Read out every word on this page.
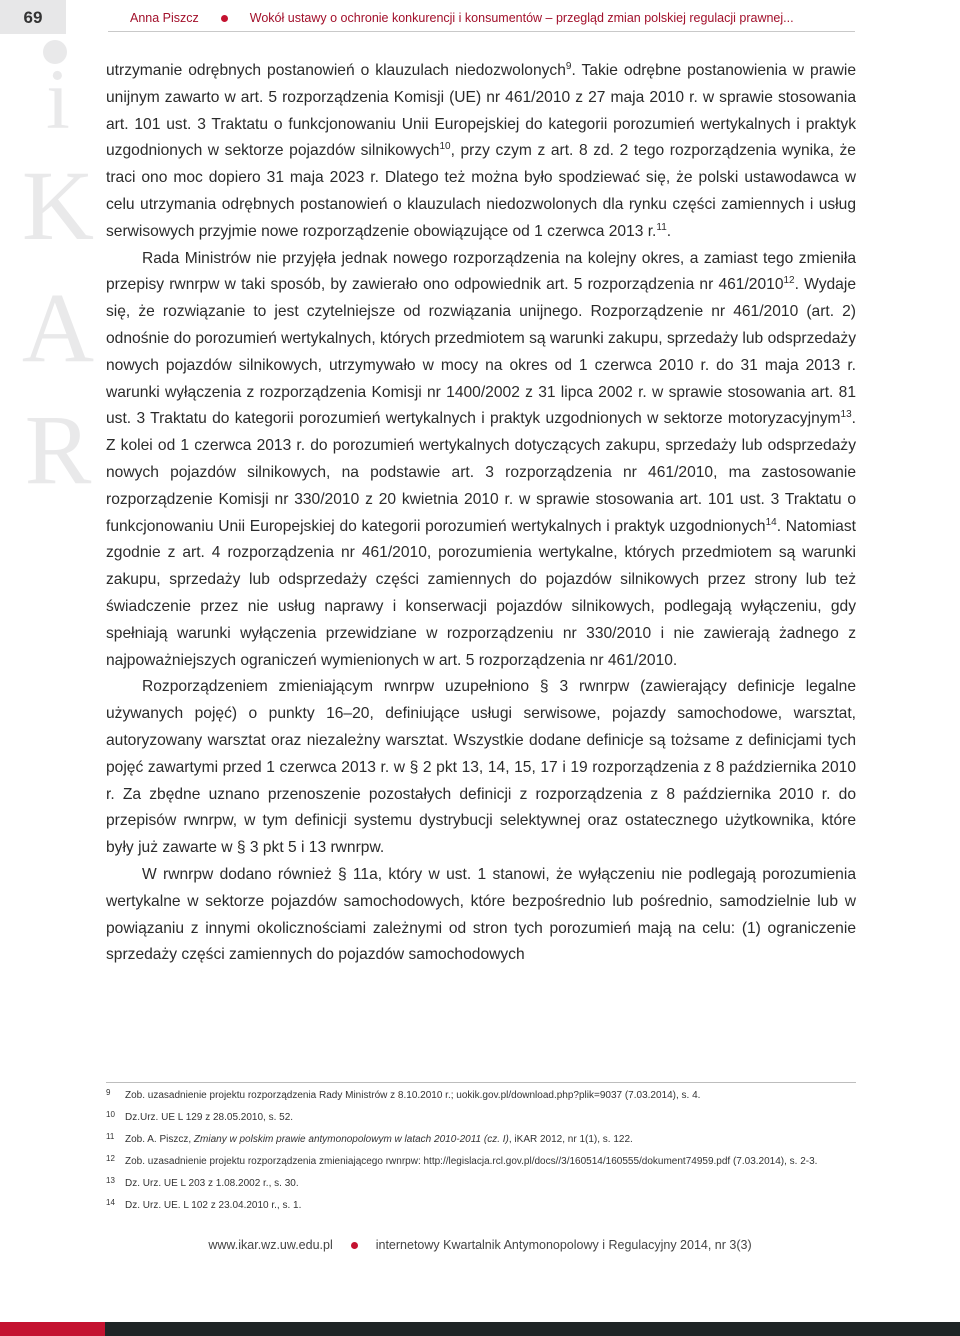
69	Anna Piszcz	Wokół ustawy o ochronie konkurencji i konsumentów – przegląd zmian polskiej regulacji prawnej...
i
K
A
R

utrzymanie odrębnych postanowień o klauzulach niedozwolonych$^9$. Takie odrębne postanowienia w prawie unijnym zawarto w art. 5 rozporządzenia Komisji (UE) nr 461/2010 z 27 maja 2010 r. w sprawie stosowania art. 101 ust. 3 Traktatu o funkcjonowaniu Unii Europejskiej do kategorii porozumień wertykalnych i praktyk uzgodnionych w sektorze pojazdów silnikowych$^{10}$, przy czym z art. 8 zd. 2 tego rozporządzenia wynika, że traci ono moc dopiero 31 maja 2023 r. Dlatego też można było spodziewać się, że polski ustawodawca w celu utrzymania odrębnych postanowień o klauzulach niedozwolonych dla rynku części zamiennych i usług serwisowych przyjmie nowe rozporządzenie obowiązujące od 1 czerwca 2013 r.$^{11}$.

Rada Ministrów nie przyjęła jednak nowego rozporządzenia na kolejny okres, a zamiast tego zmieniła przepisy rwnrpw w taki sposób, by zawierało ono odpowiednik art. 5 rozporządzenia nr 461/2010$^{12}$. Wydaje się, że rozwiązanie to jest czytelniejsze od rozwiązania unijnego. Rozporządzenie nr 461/2010 (art. 2) odnośnie do porozumień wertykalnych, których przedmiotem są warunki zakupu, sprzedaży lub odsprzedaży nowych pojazdów silnikowych, utrzymywało w mocy na okres od 1 czerwca 2010 r. do 31 maja 2013 r. warunki wyłączenia z rozporządzenia Komisji nr 1400/2002 z 31 lipca 2002 r. w sprawie stosowania art. 81 ust. 3 Traktatu do kategorii porozumień wertykalnych i praktyk uzgodnionych w sektorze motoryzacyjnym$^{13}$. Z kolei od 1 czerwca 2013 r. do porozumień wertykalnych dotyczących zakupu, sprzedaży lub odsprzedaży nowych pojazdów silnikowych, na podstawie art. 3 rozporządzenia nr 461/2010, ma zastosowanie rozporządzenie Komisji nr 330/2010 z 20 kwietnia 2010 r. w sprawie stosowania art. 101 ust. 3 Traktatu o funkcjonowaniu Unii Europejskiej do kategorii porozumień wertykalnych i praktyk uzgodnionych$^{14}$. Natomiast zgodnie z art. 4 rozporządzenia nr 461/2010, porozumienia wertykalne, których przedmiotem są warunki zakupu, sprzedaży lub odsprzedaży części zamiennych do pojazdów silnikowych przez strony lub też świadczenie przez nie usług naprawy i konserwacji pojazdów silnikowych, podlegają wyłączeniu, gdy spełniają warunki wyłączenia przewidziane w rozporządzeniu nr 330/2010 i nie zawierają żadnego z najpoważniejszych ograniczeń wymienionych w art. 5 rozporządzenia nr 461/2010.

Rozporządzeniem zmieniającym rwnrpw uzupełniono § 3 rwnrpw (zawierający definicje legalne używanych pojęć) o punkty 16–20, definiujące usługi serwisowe, pojazdy samochodowe, warsztat, autoryzowany warsztat oraz niezależny warsztat. Wszystkie dodane definicje są tożsame z definicjami tych pojęć zawartymi przed 1 czerwca 2013 r. w § 2 pkt 13, 14, 15, 17 i 19 rozporządzenia z 8 października 2010 r. Za zbędne uznano przenoszenie pozostałych definicji z rozporządzenia z 8 października 2010 r. do przepisów rwnrpw, w tym definicji systemu dystrybucji selektywnej oraz ostatecznego użytkownika, które były już zawarte w § 3 pkt 5 i 13 rwnrpw.

W rwnrpw dodano również § 11a, który w ust. 1 stanowi, że wyłączeniu nie podlegają porozumienia wertykalne w sektorze pojazdów samochodowych, które bezpośrednio lub pośrednio, samodzielnie lub w powiązaniu z innymi okolicznościami zależnymi od stron tych porozumień mają na celu: (1) ograniczenie sprzedaży części zamiennych do pojazdów samochodowych

9 Zob. uzasadnienie projektu rozporządzenia Rady Ministrów z 8.10.2010 r.; uokik.gov.pl/download.php?plik=9037 (7.03.2014), s. 4.
10 Dz.Urz. UE L 129 z 28.05.2010, s. 52.
11 Zob. A. Piszcz, Zmiany w polskim prawie antymonopolowym w latach 2010-2011 (cz. I), iKAR 2012, nr 1(1), s. 122.
12 Zob. uzasadnienie projektu rozporządzenia zmieniającego rwnrpw: http://legislacja.rcl.gov.pl/docs//3/160514/160555/dokument74959.pdf (7.03.2014), s. 2-3.
13 Dz. Urz. UE L 203 z 1.08.2002 r., s. 30.
14 Dz. Urz. UE. L 102 z 23.04.2010 r., s. 1.
www.ikar.wz.uw.edu.pl	internetowy Kwartalnik Antymonopolowy i Regulacyjny 2014, nr 3(3)
